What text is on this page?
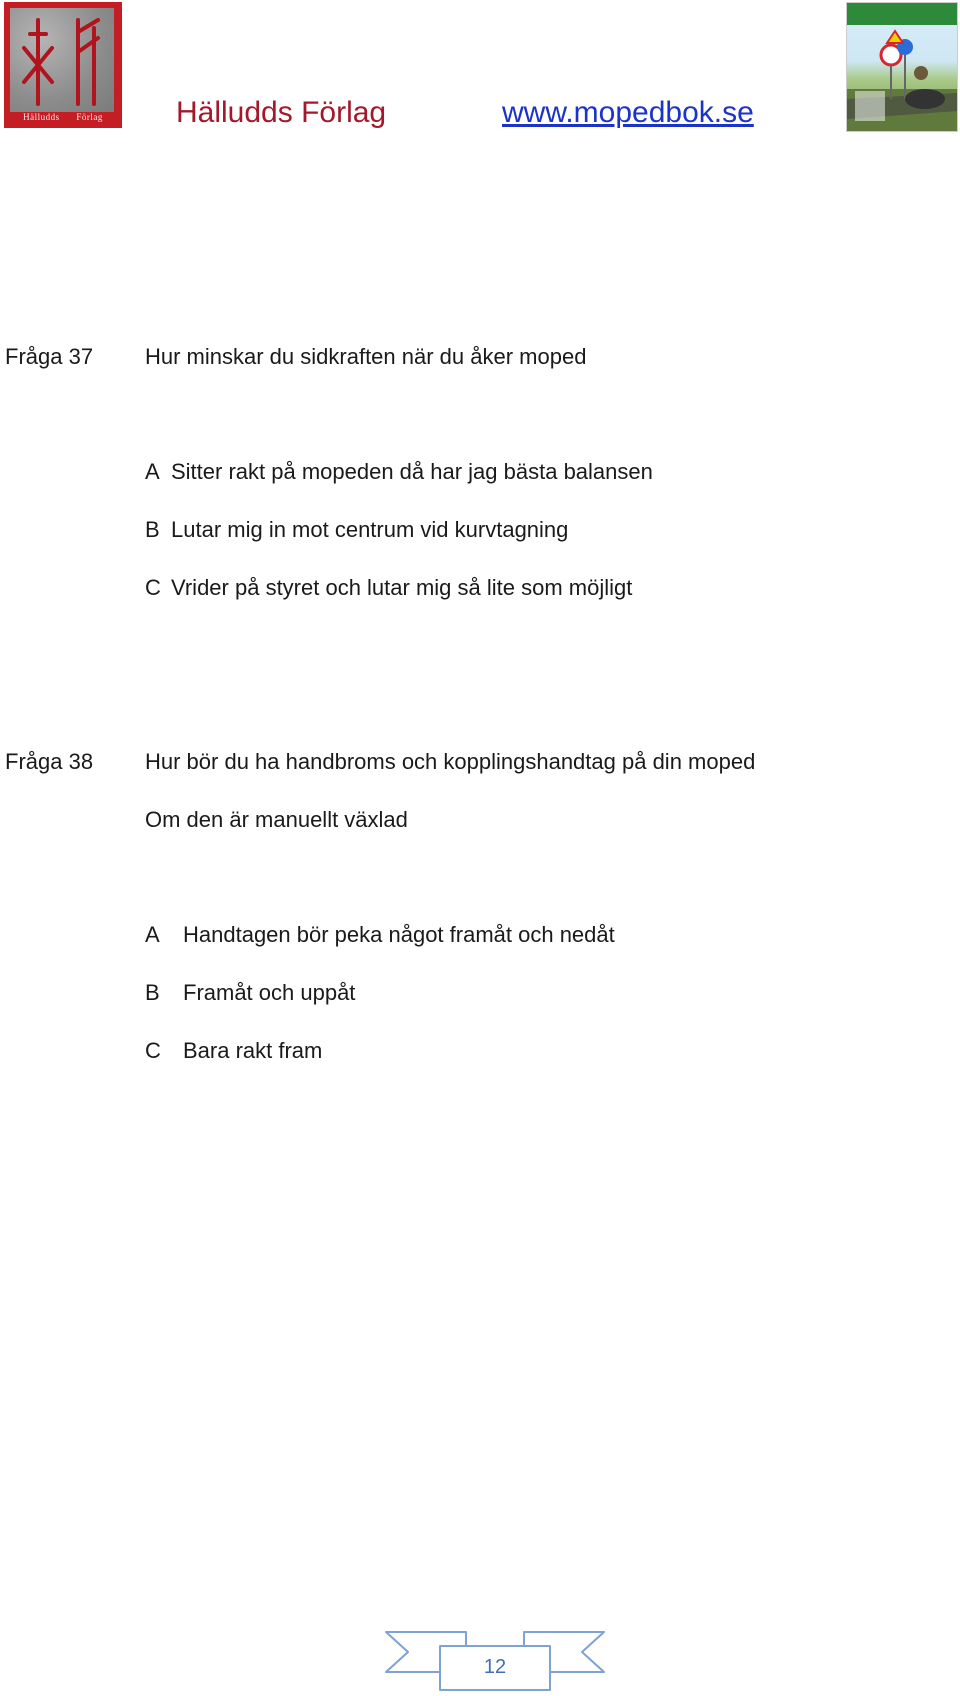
Hälludds Förlag	Hälludds Förlag	www.mopedbok.se
Fråga 37 Hur minskar du sidkraften när du åker moped
A Sitter rakt på mopeden då har jag bästa balansen
B Lutar mig in mot centrum vid kurvtagning
C Vrider på styret och lutar mig så lite som möjligt
Fråga 38 Hur bör du ha handbroms och kopplingshandtag på din moped
Om den är manuellt växlad
A Handtagen bör peka något framåt och nedåt
B Framåt och uppåt
C Bara rakt fram
12
